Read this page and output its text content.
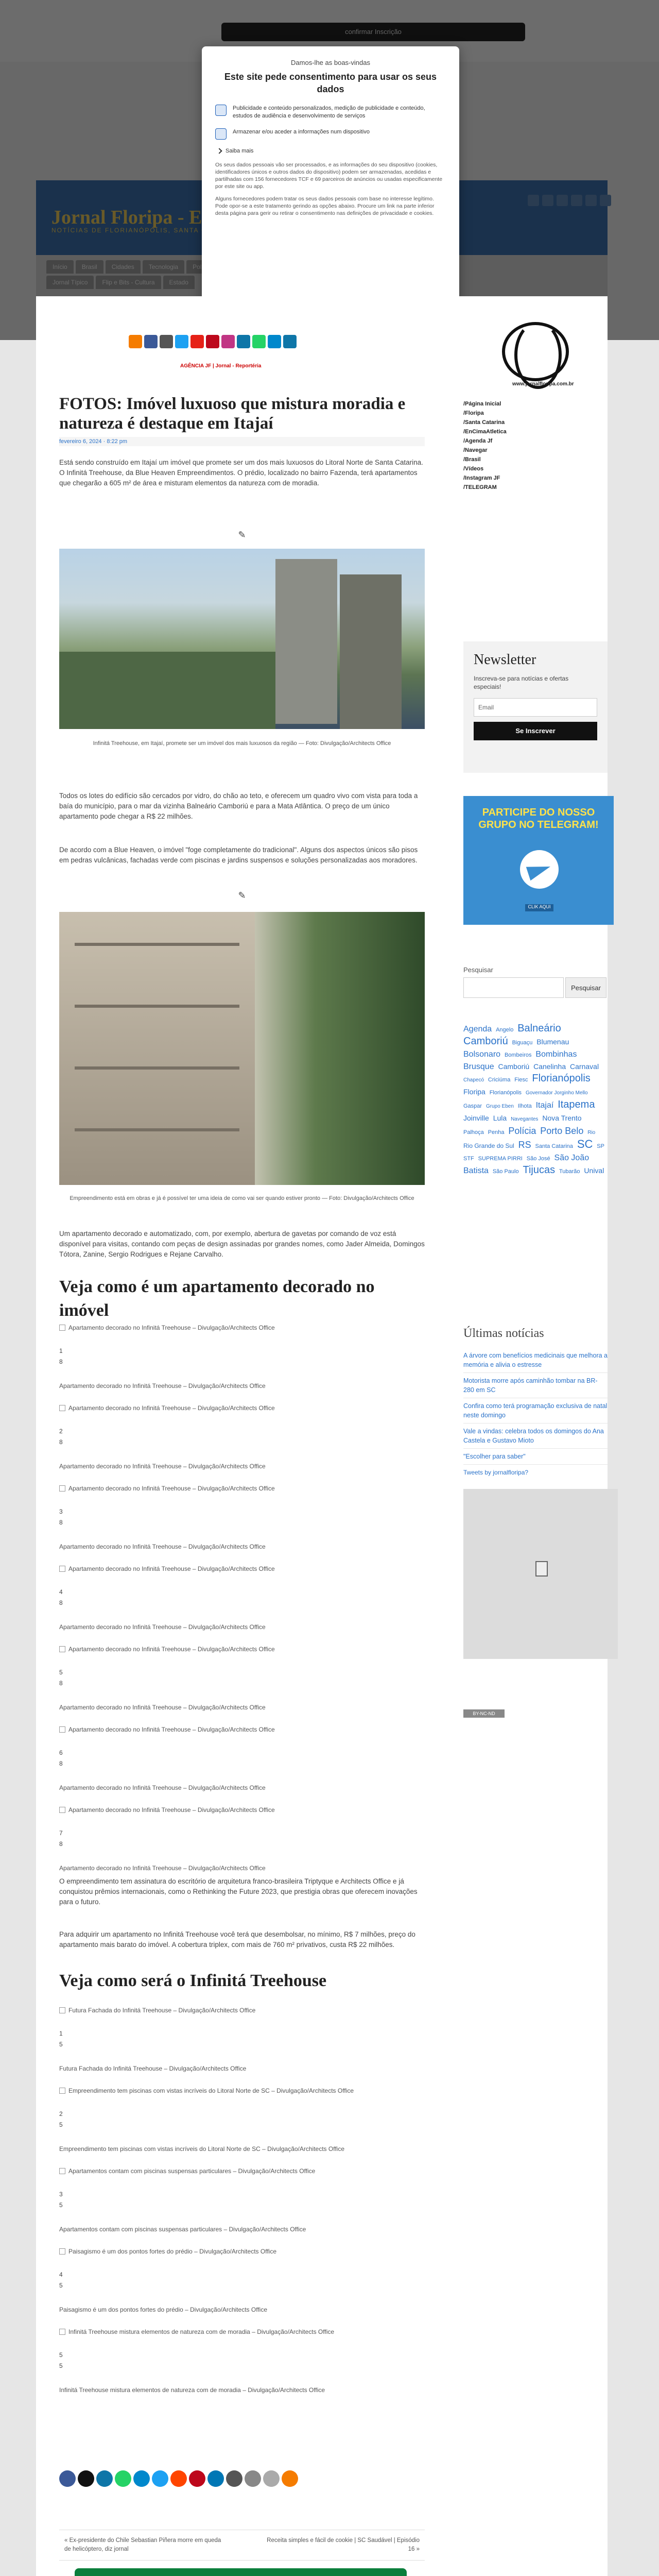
Damos-lhe as boas-vindas
Este site pede consentimento para usar os seus dados

Publicidade e conteúdo personalizados, medição de publicidade e conteúdo, estudos de audiência e desenvolvimento de serviços

Armazenar e/ou aceder a informações num dispositivo

Saiba mais

Os seus dados pessoais vão ser processados, e as informações do seu dispositivo (cookies, identificadores únicos e outros dados do dispositivo) podem ser armazenadas, acedidas e partilhadas com 156 fornecedores TCF e 69 parceiros de anúncios ou usadas especificamente por este site ou app.

Alguns fornecedores podem tratar os seus dados pessoais com base no interesse legítimo. Pode opor-se a este tratamento gerindo as opções abaixo. Procure um link na parte inferior desta página para gerir ou retirar o consentimento nas definições de privacidade e cookies.

AGÊNCIA JF | Jornal - Reportéria
www.jornalfloripa.com.br
FOTOS: Imóvel luxuoso que mistura moradia e natureza é destaque em Itajaí
fevereiro 6, 2024 · 8:22 pm

Está sendo construído em Itajaí um imóvel que promete ser um dos mais luxuosos do Litoral Norte de Santa Catarina. O Infinitá Treehouse, da Blue Heaven Empreendimentos. O prédio, localizado no bairro Fazenda, terá apartamentos que chegarão a 605 m² de área e misturam elementos da natureza com de moradia.

✎
Infinitá Treehouse, em Itajaí, promete ser um imóvel dos mais luxuosos da região — Foto: Divulgação/Architects Office

Todos os lotes do edifício são cercados por vidro, do chão ao teto, e oferecem um quadro vivo com vista para toda a baía do município, para o mar da vizinha Balneário Camboriú e para a Mata Atlântica. O preço de um único apartamento pode chegar a R$ 22 milhões.

De acordo com a Blue Heaven, o imóvel "foge completamente do tradicional". Alguns dos aspectos únicos são pisos em pedras vulcânicas, fachadas verde com piscinas e jardins suspensos e soluções personalizadas aos moradores.

✎
Empreendimento está em obras e já é possível ter uma ideia de como vai ser quando estiver pronto — Foto: Divulgação/Architects Office

Um apartamento decorado e automatizado, com, por exemplo, abertura de gavetas por comando de voz está disponível para visitas, contando com peças de design assinadas por grandes nomes, como Jader Almeida, Domingos Tótora, Zanine, Sergio Rodrigues e Rejane Carvalho.

Veja como é um apartamento decorado no imóvel
Apartamento decorado no Infinitá Treehouse – Divulgação/Architects Office
1
8
Apartamento decorado no Infinitá Treehouse – Divulgação/Architects Office
Apartamento decorado no Infinitá Treehouse – Divulgação/Architects Office
2
8
Apartamento decorado no Infinitá Treehouse – Divulgação/Architects Office
Apartamento decorado no Infinitá Treehouse – Divulgação/Architects Office
3
8
Apartamento decorado no Infinitá Treehouse – Divulgação/Architects Office
Apartamento decorado no Infinitá Treehouse – Divulgação/Architects Office
4
8
Apartamento decorado no Infinitá Treehouse – Divulgação/Architects Office
Apartamento decorado no Infinitá Treehouse – Divulgação/Architects Office
5
8
Apartamento decorado no Infinitá Treehouse – Divulgação/Architects Office
Apartamento decorado no Infinitá Treehouse – Divulgação/Architects Office
6
8
Apartamento decorado no Infinitá Treehouse – Divulgação/Architects Office
Apartamento decorado no Infinitá Treehouse – Divulgação/Architects Office
7
8
Apartamento decorado no Infinitá Treehouse – Divulgação/Architects Office

O empreendimento tem assinatura do escritório de arquitetura franco-brasileira Triptyque e Architects Office e já conquistou prêmios internacionais, como o Rethinking the Future 2023, que prestigia obras que oferecem inovações para o futuro.

Para adquirir um apartamento no Infinitá Treehouse você terá que desembolsar, no mínimo, R$ 7 milhões, preço do apartamento mais barato do imóvel. A cobertura triplex, com mais de 760 m² privativos, custa R$ 22 milhões.

Veja como será o Infinitá Treehouse
Futura Fachada do Infinitá Treehouse – Divulgação/Architects Office
1
5
Futura Fachada do Infinitá Treehouse – Divulgação/Architects Office
Empreendimento tem piscinas com vistas incríveis do Litoral Norte de SC – Divulgação/Architects Office
2
5
Empreendimento tem piscinas com vistas incríveis do Litoral Norte de SC – Divulgação/Architects Office
Apartamentos contam com piscinas suspensas particulares – Divulgação/Architects Office
3
5
Apartamentos contam com piscinas suspensas particulares – Divulgação/Architects Office
Paisagismo é um dos pontos fortes do prédio – Divulgação/Architects Office
4
5
Paisagismo é um dos pontos fortes do prédio – Divulgação/Architects Office
Infinitá Treehouse mistura elementos de natureza com de moradia – Divulgação/Architects Office
5
5
Infinitá Treehouse mistura elementos de natureza com de moradia – Divulgação/Architects Office
« Ex-presidente do Chile Sebastian Piñera morre em queda de helicóptero, diz jornal
Receita simples e fácil de cookie | SC Saudável | Episódio 16 »
/Página Inicial
/Floripa
/Santa Catarina
/EnCimaAtletica
/Agenda Jf
/Navegar
/Brasil
/Vídeos
/Instagram JF
/TELEGRAM
Newsletter
Inscreva-se para notícias e ofertas especiais!
Email
Se Inscrever
PARTICIPE DO NOSSO GRUPO NO TELEGRAM!
CLIK AQUI
Pesquisar
Pesquisar
Agenda Angelo Balneário Camboriú Biguaçu Blumenau Bolsonaro Bombeiros Bombinhas Brusque Camboriú Canelinha Carnaval Chapecó Criciúma Fiesc Florianópolis Floripa Florianópolis Governador Jorginho Mello Gaspar Grupo Eben Ilhota Itajaí Itapema Joinville Lula Navegantes Nova Trento Palhoça Penha Polícia Porto Belo Rio Rio Grande do Sul RS Santa Catarina SC SP STF SUPREMA PIRRI São José São João Batista São Paulo Tijucas Tubarão Unival
Últimas notícias
A árvore com benefícios medicinais que melhora a memória e alivia o estresse
Motorista morre após caminhão tombar na BR-280 em SC
Confira como terá programação exclusiva de natal neste domingo
Vale a vindas: celebra todos os domingos do Ana Castela e Gustavo Mioto
"Escolher para saber"
Tweets by jornalfloripa?
BY-NC-ND
